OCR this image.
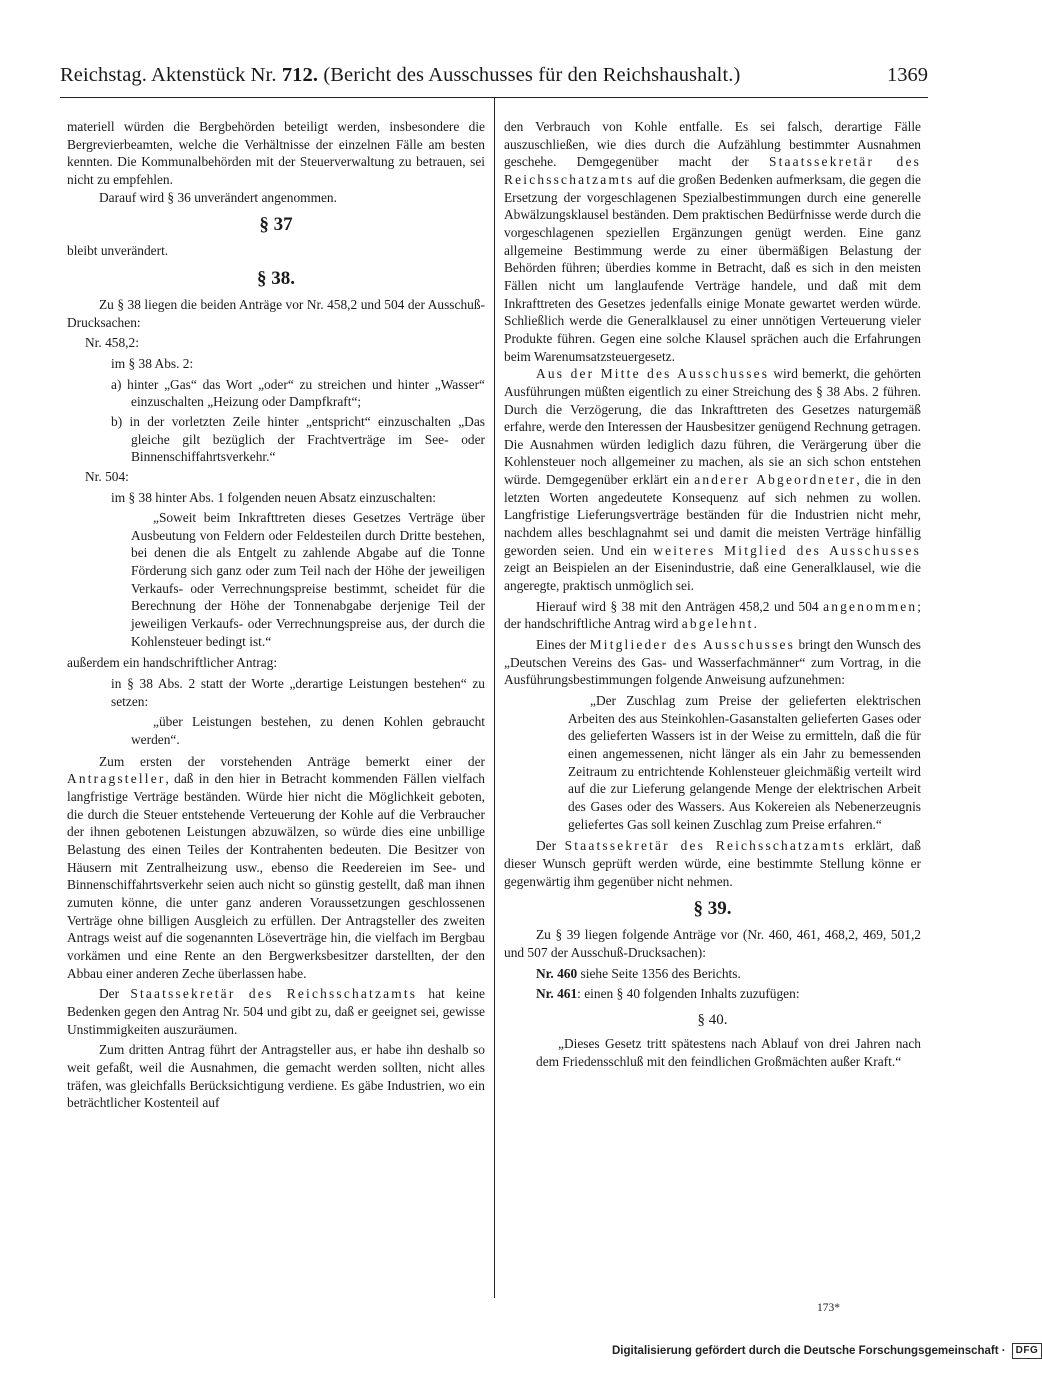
Reichstag. Aktenstück Nr. 712. (Bericht des Ausschusses für den Reichshaushalt.)	1369

materiell würden die Bergbehörden beteiligt werden, insbesondere die Bergrevierbeamten, welche die Verhältnisse der einzelnen Fälle am besten kennten. Die Kommunalbehörden mit der Steuerverwaltung zu betrauen, sei nicht zu empfehlen.

Darauf wird § 36 unverändert angenommen.

§ 37

bleibt unverändert.

§ 38.

Zu § 38 liegen die beiden Anträge vor Nr. 458,2 und 504 der Ausschuß-Drucksachen:

Nr. 458,2:

im § 38 Abs. 2:

a) hinter „Gas“ das Wort „oder“ zu streichen und hinter „Wasser“ einzuschalten „Heizung oder Dampfkraft“;

b) in der vorletzten Zeile hinter „entspricht“ einzuschalten „Das gleiche gilt bezüglich der Frachtverträge im See- oder Binnenschiffahrtsverkehr.“

Nr. 504:

im § 38 hinter Abs. 1 folgenden neuen Absatz einzuschalten:

„Soweit beim Inkrafttreten dieses Gesetzes Verträge über Ausbeutung von Feldern oder Feldesteilen durch Dritte bestehen, bei denen die als Entgelt zu zahlende Abgabe auf die Tonne Förderung sich ganz oder zum Teil nach der Höhe der jeweiligen Verkaufs- oder Verrechnungspreise bestimmt, scheidet für die Berechnung der Höhe der Tonnenabgabe derjenige Teil der jeweiligen Verkaufs- oder Verrechnungspreise aus, der durch die Kohlensteuer bedingt ist.“

außerdem ein handschriftlicher Antrag:

in § 38 Abs. 2 statt der Worte „derartige Leistungen bestehen“ zu setzen:

„über Leistungen bestehen, zu denen Kohlen gebraucht werden“.

Zum ersten der vorstehenden Anträge bemerkt einer der Antragsteller, daß in den hier in Betracht kommenden Fällen vielfach langfristige Verträge beständen. Würde hier nicht die Möglichkeit geboten, die durch die Steuer entstehende Verteuerung der Kohle auf die Verbraucher der ihnen gebotenen Leistungen abzuwälzen, so würde dies eine unbillige Belastung des einen Teiles der Kontrahenten bedeuten. Die Besitzer von Häusern mit Zentralheizung usw., ebenso die Reedereien im See- und Binnenschiffahrtsverkehr seien auch nicht so günstig gestellt, daß man ihnen zumuten könne, die unter ganz anderen Voraussetzungen geschlossenen Verträge ohne billigen Ausgleich zu erfüllen. Der Antragsteller des zweiten Antrags weist auf die sogenannten Löseverträge hin, die vielfach im Bergbau vorkämen und eine Rente an den Bergwerksbesitzer darstellten, der den Abbau einer anderen Zeche überlassen habe.

Der Staatssekretär des Reichsschatzamts hat keine Bedenken gegen den Antrag Nr. 504 und gibt zu, daß er geeignet sei, gewisse Unstimmigkeiten auszuräumen.

Zum dritten Antrag führt der Antragsteller aus, er habe ihn deshalb so weit gefaßt, weil die Ausnahmen, die gemacht werden sollten, nicht alles träfen, was gleichfalls Berücksichtigung verdiene. Es gäbe Industrien, wo ein beträchtlicher Kostenteil auf

den Verbrauch von Kohle entfalle. Es sei falsch, derartige Fälle auszuschließen, wie dies durch die Aufzählung bestimmter Ausnahmen geschehe. Demgegenüber macht der Staatssekretär des Reichsschatzamts auf die großen Bedenken aufmerksam, die gegen die Ersetzung der vorgeschlagenen Spezialbestimmungen durch eine generelle Abwälzungsklausel beständen. Dem praktischen Bedürfnisse werde durch die vorgeschlagenen speziellen Ergänzungen genügt werden. Eine ganz allgemeine Bestimmung werde zu einer übermäßigen Belastung der Behörden führen; überdies komme in Betracht, daß es sich in den meisten Fällen nicht um langlaufende Verträge handele, und daß mit dem Inkrafttreten des Gesetzes jedenfalls einige Monate gewartet werden würde. Schließlich werde die Generalklausel zu einer unnötigen Verteuerung vieler Produkte führen. Gegen eine solche Klausel sprächen auch die Erfahrungen beim Warenumsatzsteuergesetz.

Aus der Mitte des Ausschusses wird bemerkt, die gehörten Ausführungen müßten eigentlich zu einer Streichung des § 38 Abs. 2 führen. Durch die Verzögerung, die das Inkrafttreten des Gesetzes naturgemäß erfahre, werde den Interessen der Hausbesitzer genügend Rechnung getragen. Die Ausnahmen würden lediglich dazu führen, die Verärgerung über die Kohlensteuer noch allgemeiner zu machen, als sie an sich schon entstehen würde. Demgegenüber erklärt ein anderer Abgeordneter, die in den letzten Worten angedeutete Konsequenz auf sich nehmen zu wollen. Langfristige Lieferungsverträge beständen für die Industrien nicht mehr, nachdem alles beschlagnahmt sei und damit die meisten Verträge hinfällig geworden seien. Und ein weiteres Mitglied des Ausschusses zeigt an Beispielen an der Eisenindustrie, daß eine Generalklausel, wie die angeregte, praktisch unmöglich sei.

Hierauf wird § 38 mit den Anträgen 458,2 und 504 angenommen; der handschriftliche Antrag wird abgelehnt.

Eines der Mitglieder des Ausschusses bringt den Wunsch des „Deutschen Vereins des Gas- und Wasserfachmänner“ zum Vortrag, in die Ausführungsbestimmungen folgende Anweisung aufzunehmen:

„Der Zuschlag zum Preise der gelieferten elektrischen Arbeiten des aus Steinkohlen-Gasanstalten gelieferten Gases oder des gelieferten Wassers ist in der Weise zu ermitteln, daß die für einen angemessenen, nicht länger als ein Jahr zu bemessenden Zeitraum zu entrichtende Kohlensteuer gleichmäßig verteilt wird auf die zur Lieferung gelangende Menge der elektrischen Arbeit des Gases oder des Wassers. Aus Kokereien als Nebenerzeugnis geliefertes Gas soll keinen Zuschlag zum Preise erfahren.“

Der Staatssekretär des Reichsschatzamts erklärt, daß dieser Wunsch geprüft werden würde, eine bestimmte Stellung könne er gegenwärtig ihm gegenüber nicht nehmen.

§ 39.

Zu § 39 liegen folgende Anträge vor (Nr. 460, 461, 468,2, 469, 501,2 und 507 der Ausschuß-Drucksachen):

Nr. 460 siehe Seite 1356 des Berichts.

Nr. 461: einen § 40 folgenden Inhalts zuzufügen:

§ 40.

„Dieses Gesetz tritt spätestens nach Ablauf von drei Jahren nach dem Friedensschluß mit den feindlichen Großmächten außer Kraft.“

173*
Digitalisierung gefördert durch die Deutsche Forschungsgemeinschaft ·	DFG
